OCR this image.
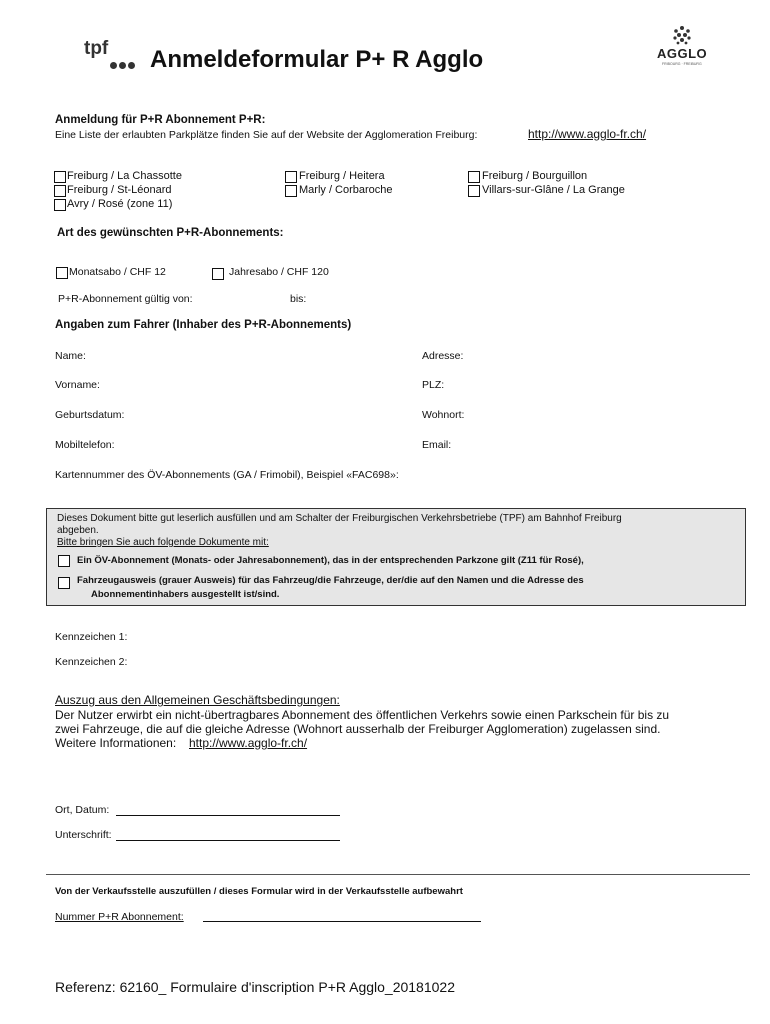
tpf Anmeldeformular P+ R Agglo	AGGLO
FRIBOURG · FREIBURG
Anmeldung für P+R Abonnement P+R:
Eine Liste der erlaubten Parkplätze finden Sie auf der Website der Agglomeration Freiburg:	http://www.agglo-fr.ch/
Freiburg / La Chassotte
Freiburg / St-Léonard
Avry / Rosé (zone 11)
Freiburg / Heitera
Marly / Corbaroche
Freiburg / Bourguillon
Villars-sur-Glâne / La Grange
Art des gewünschten P+R-Abonnements:
Monatsabo / CHF 12	Jahresabo / CHF 120
P+R-Abonnement gültig von:	bis:
Angaben zum Fahrer (Inhaber des P+R-Abonnements)
Name:	Adresse:
Vorname:	PLZ:
Geburtsdatum:	Wohnort:
Mobiltelefon:	Email:
Kartennummer des ÖV-Abonnements (GA / Frimobil), Beispiel «FAC698»:
Dieses Dokument bitte gut leserlich ausfüllen und am Schalter der Freiburgischen Verkehrsbetriebe (TPF) am Bahnhof Freiburg
abgeben.
Bitte bringen Sie auch folgende Dokumente mit:
Ein ÖV-Abonnement (Monats- oder Jahresabonnement), das in der entsprechenden Parkzone gilt (Z11 für Rosé),
Fahrzeugausweis (grauer Ausweis) für das Fahrzeug/die Fahrzeuge, der/die auf den Namen und die Adresse des
Abonnementinhabers ausgestellt ist/sind.
Kennzeichen 1:
Kennzeichen 2:
Auszug aus den Allgemeinen Geschäftsbedingungen:
Der Nutzer erwirbt ein nicht-übertragbares Abonnement des öffentlichen Verkehrs sowie einen Parkschein für bis zu
zwei Fahrzeuge, die auf die gleiche Adresse (Wohnort ausserhalb der Freiburger Agglomeration) zugelassen sind.
Weitere Informationen: http://www.agglo-fr.ch/
Ort, Datum:
Unterschrift:
Von der Verkaufsstelle auszufüllen / dieses Formular wird in der Verkaufsstelle aufbewahrt
Nummer P+R Abonnement:
Referenz: 62160_ Formulaire d'inscription P+R Agglo_20181022
